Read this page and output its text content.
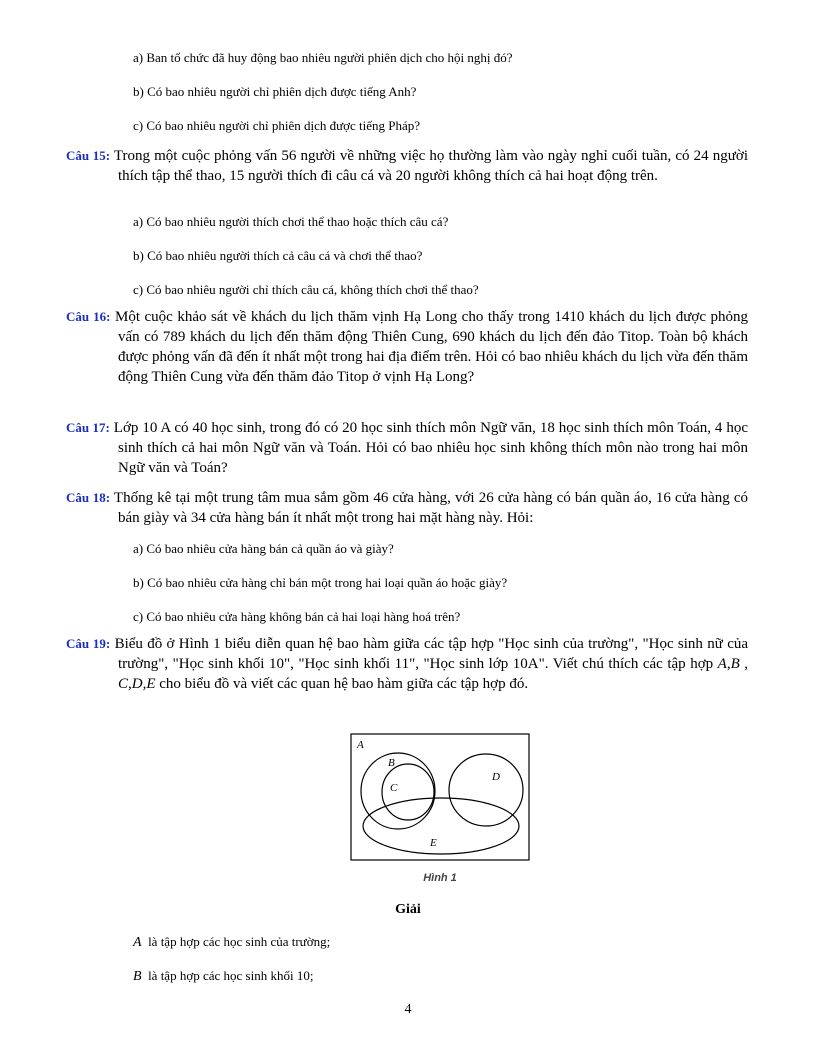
a) Ban tổ chức đã huy động bao nhiêu người phiên dịch cho hội nghị đó?
b) Có bao nhiêu người chỉ phiên dịch được tiếng Anh?
c) Có bao nhiêu người chỉ phiên dịch được tiếng Pháp?
Câu 15: Trong một cuộc phỏng vấn 56 người về những việc họ thường làm vào ngày nghỉ cuối tuần, có 24 người thích tập thể thao, 15 người thích đi câu cá và 20 người không thích cả hai hoạt động trên.
a) Có bao nhiêu người thích chơi thể thao hoặc thích câu cá?
b) Có bao nhiêu người thích cả câu cá và chơi thể thao?
c) Có bao nhiêu người chỉ thích câu cá, không thích chơi thể thao?
Câu 16: Một cuộc khảo sát về khách du lịch thăm vịnh Hạ Long cho thấy trong 1410 khách du lịch được phỏng vấn có 789 khách du lịch đến thăm động Thiên Cung, 690 khách du lịch đến đảo Titop. Toàn bộ khách được phỏng vấn đã đến ít nhất một trong hai địa điểm trên. Hỏi có bao nhiêu khách du lịch vừa đến thăm động Thiên Cung vừa đến thăm đảo Titop ở vịnh Hạ Long?
Câu 17: Lớp 10 A có 40 học sinh, trong đó có 20 học sinh thích môn Ngữ văn, 18 học sinh thích môn Toán, 4 học sinh thích cả hai môn Ngữ văn và Toán. Hỏi có bao nhiêu học sinh không thích môn nào trong hai môn Ngữ văn và Toán?
Câu 18: Thống kê tại một trung tâm mua sắm gồm 46 cửa hàng, với 26 cửa hàng có bán quần áo, 16 cửa hàng có bán giày và 34 cửa hàng bán ít nhất một trong hai mặt hàng này. Hỏi:
a) Có bao nhiêu cửa hàng bán cả quần áo và giày?
b) Có bao nhiêu cửa hàng chỉ bán một trong hai loại quần áo hoặc giày?
c) Có bao nhiêu cửa hàng không bán cả hai loại hàng hoá trên?
Câu 19: Biểu đồ ở Hình 1 biểu diễn quan hệ bao hàm giữa các tập hợp "Học sinh của trường", "Học sinh nữ của trường", "Học sinh khối 10", "Học sinh khối 11", "Học sinh lớp 10A". Viết chú thích các tập hợp A,B , C,D,E cho biểu đồ và viết các quan hệ bao hàm giữa các tập hợp đó.
A
B
C
D
E
Hình 1
Giải
A là tập hợp các học sinh của trường;
B là tập hợp các học sinh khối 10;
4
